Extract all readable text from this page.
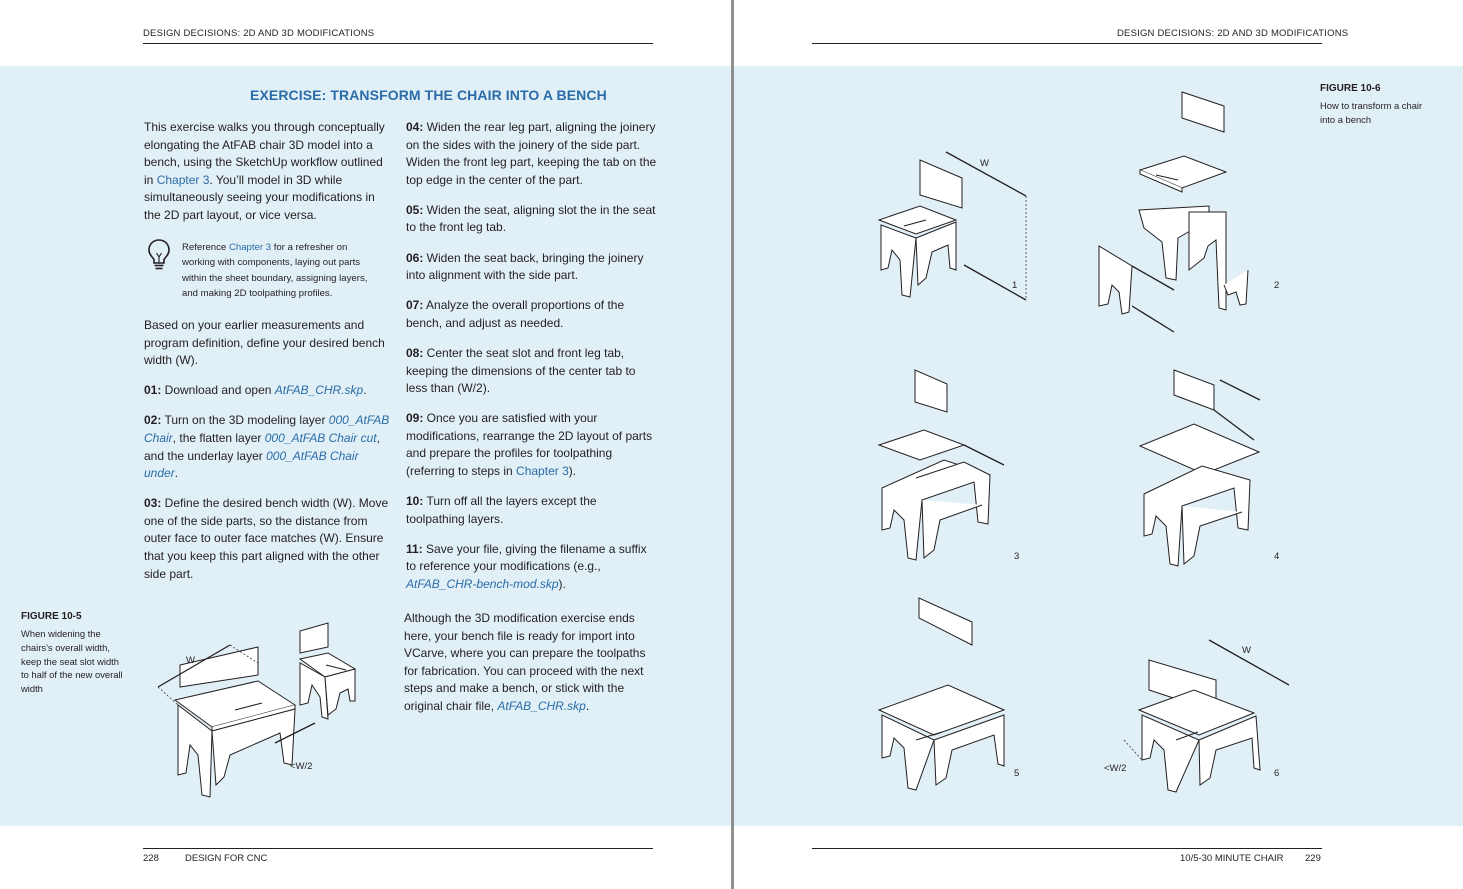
DESIGN DECISIONS: 2D AND 3D MODIFICATIONS
EXERCISE: TRANSFORM THE CHAIR INTO A BENCH

This exercise walks you through conceptually elongating the AtFAB chair 3D model into a bench, using the SketchUp workflow outlined in Chapter 3. You’ll model in 3D while simultaneously seeing your modifications in the 2D part layout, or vice versa.

Reference Chapter 3 for a refresher on working with components, laying out parts within the sheet boundary, assigning layers, and making 2D toolpathing profiles.

Based on your earlier measurements and program definition, define your desired bench width (W).

01: Download and open AtFAB_CHR.skp.

02: Turn on the 3D modeling layer 000_AtFAB Chair, the flatten layer 000_AtFAB Chair cut, and the underlay layer 000_AtFAB Chair under.

03: Define the desired bench width (W). Move one of the side parts, so the distance from outer face to outer face matches (W). Ensure that you keep this part aligned with the other side part.

04: Widen the rear leg part, aligning the joinery on the sides with the joinery of the side part. Widen the front leg part, keeping the tab on the top edge in the center of the part.

05: Widen the seat, aligning slot the in the seat to the front leg tab.

06: Widen the seat back, bringing the joinery into alignment with the side part.

07: Analyze the overall proportions of the bench, and adjust as needed.

08: Center the seat slot and front leg tab, keeping the dimensions of the center tab to less than (W/2).

09: Once you are satisfied with your modifications, rearrange the 2D layout of parts and prepare the profiles for toolpathing (referring to steps in Chapter 3).

10: Turn off all the layers except the toolpathing layers.

11: Save your file, giving the filename a suffix to reference your modifications (e.g., AtFAB_CHR-bench-mod.skp).

Although the 3D modification exercise ends here, your bench file is ready for import into VCarve, where you can prepare the toolpaths for fabrication. You can proceed with the next steps and make a bench, or stick with the original chair file, AtFAB_CHR.skp.

FIGURE 10-5
When widening the chairs’s overall width, keep the seat slot width to half of the new overall width
W
<W/2
228	DESIGN FOR CNC
DESIGN DECISIONS: 2D AND 3D MODIFICATIONS
FIGURE 10-6
How to transform a chair into a bench
1	2
3	4
5	6
W
W
<W/2
10/5-30 MINUTE CHAIR 229
